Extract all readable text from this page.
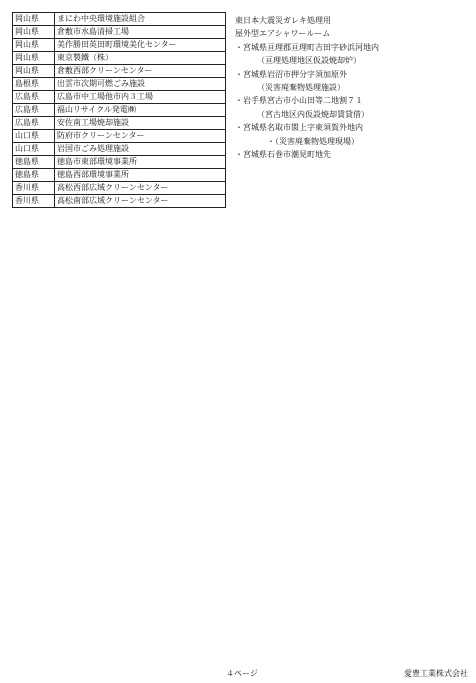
岡山県	まにわ中央環境施設組合
岡山県	倉敷市水島清掃工場
岡山県	美作勝田英田町環境美化センター
岡山県	東京製鐵（株）
岡山県	倉敷西部クリーンセンター
島根県	出雲市次期可燃ごみ施設
広島県	広島市中工場他市内３工場
広島県	福山リサイクル発電㈱
広島県	安佐南工場焼却施設
山口県	防府市クリーンセンター
山口県	岩国市ごみ処理施設
徳島県	徳島市東部環境事業所
徳島県	徳島西部環境事業所
香川県	高松西部広域クリーンセンター
香川県	高松南部広域クリーンセンター
東日本大震災ガレキ処理用
屋外型エアシャワールーム
・宮城県亘理郡亘理町吉田字砂浜河地内
（亘理処理地区仮設焼却炉）
・宮城県岩沼市押分字須加原外
（災害廃棄物処理施設）
・岩手県宮古市小山田等二地割７１
（宮古地区内仮設焼却賃貸借）
・宮城県名取市閖上字東須賀外地内
・（災害廃棄物処理現場）
・宮城県石巻市潮見町地先
４ページ	愛豊工業株式会社
